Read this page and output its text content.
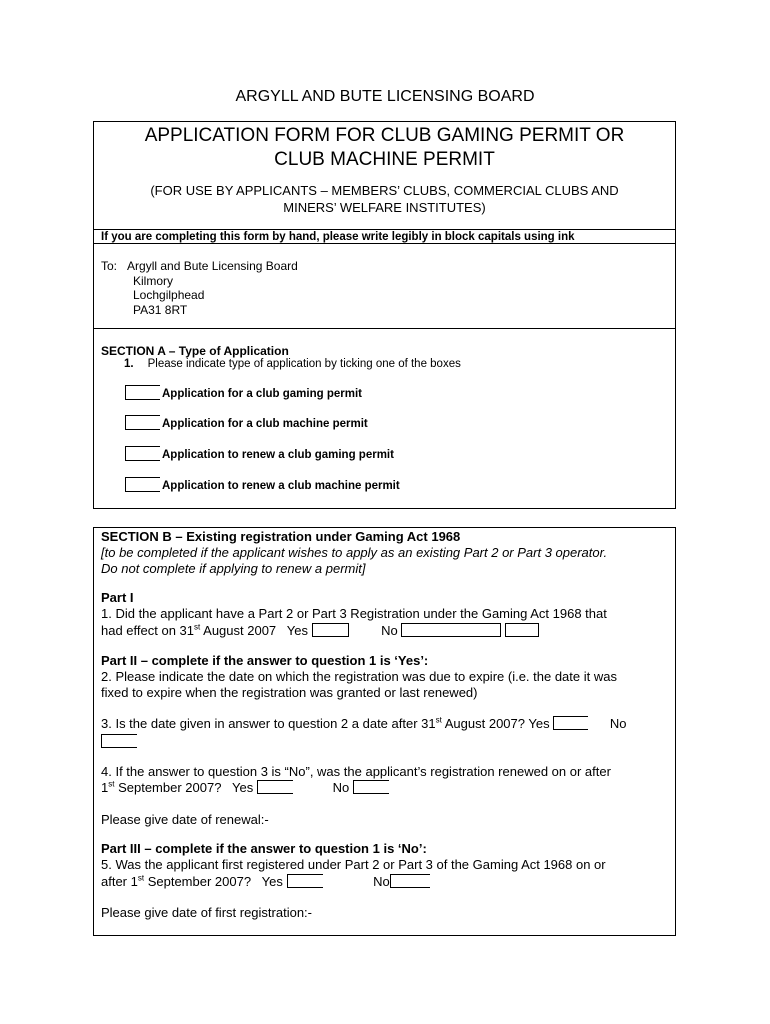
ARGYLL AND BUTE LICENSING BOARD
APPLICATION FORM FOR CLUB GAMING PERMIT OR
CLUB MACHINE PERMIT
(FOR USE BY APPLICANTS – MEMBERS’ CLUBS, COMMERCIAL CLUBS AND
MINERS’ WELFARE INSTITUTES)
If you are completing this form by hand, please write legibly in block capitals using ink
To: Argyll and Bute Licensing Board
Kilmory
Lochgilphead
PA31 8RT
SECTION A – Type of Application
1. Please indicate type of application by ticking one of the boxes
Application for a club gaming permit
Application for a club machine permit
Application to renew a club gaming permit
Application to renew a club machine permit
SECTION B – Existing registration under Gaming Act 1968
[to be completed if the applicant wishes to apply as an existing Part 2 or Part 3 operator.
Do not complete if applying to renew a permit]
Part I
1. Did the applicant have a Part 2 or Part 3 Registration under the Gaming Act 1968 that
had effect on 31st August 2007 Yes	No
Part II – complete if the answer to question 1 is ‘Yes’:
2. Please indicate the date on which the registration was due to expire (i.e. the date it was
fixed to expire when the registration was granted or last renewed)
3. Is the date given in answer to question 2 a date after 31st August 2007? Yes	No
4. If the answer to question 3 is “No”, was the applicant’s registration renewed on or after
1st September 2007? Yes	No
Please give date of renewal:-
Part III – complete if the answer to question 1 is ‘No’:
5. Was the applicant first registered under Part 2 or Part 3 of the Gaming Act 1968 on or
after 1st September 2007? Yes	No
Please give date of first registration:-
